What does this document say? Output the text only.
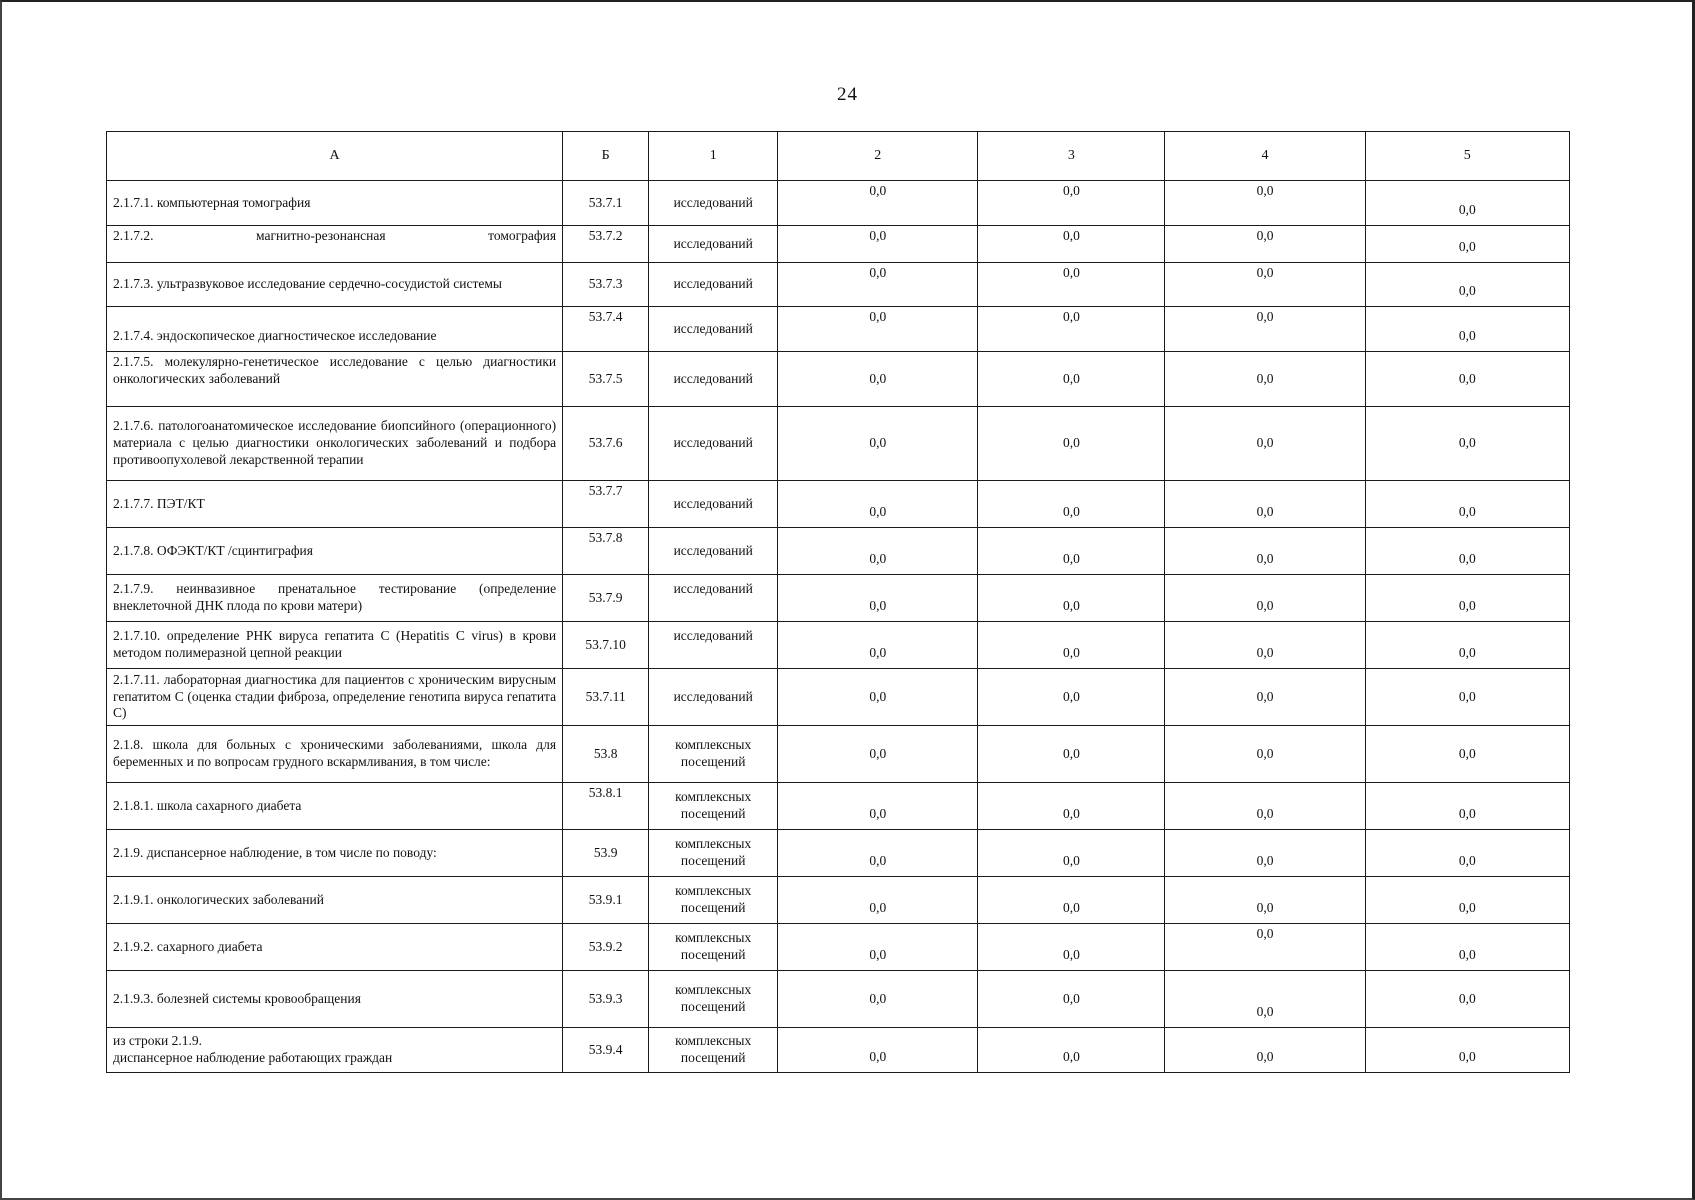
24
А	Б	1	2	3	4	5
2.1.7.1. компьютерная томография	53.7.1	исследований	0,0	0,0	0,0	0,0

2.1.7.2. магнитно-резонансная томография	53.7.2	исследований	0,0	0,0	0,0	0,0
2.1.7.3. ультразвуковое исследование сердечно-сосудистой системы	53.7.3	исследований	0,0	0,0	0,0	0,0
2.1.7.4. эндоскопическое диагностическое исследование	53.7.4	исследований	0,0	0,0	0,0	0,0
2.1.7.5. молекулярно-генетическое исследование с целью диагностики онкологических заболеваний	53.7.5	исследований	0,0	0,0	0,0	0,0
2.1.7.6. патологоанатомическое исследование биопсийного (операционного) материала с целью диагностики онкологических заболеваний и подбора противоопухолевой лекарственной терапии	53.7.6	исследований	0,0	0,0	0,0	0,0
2.1.7.7. ПЭТ/КТ	53.7.7	исследований	0,0	0,0	0,0	0,0
2.1.7.8. ОФЭКТ/КТ /сцинтиграфия	53.7.8	исследований	0,0	0,0	0,0	0,0
2.1.7.9. неинвазивное пренатальное тестирование (определение внеклеточной ДНК плода по крови матери)	53.7.9	исследований	0,0	0,0	0,0	0,0
2.1.7.10. определение РНК вируса гепатита С (Hepatitis C virus) в крови методом полимеразной цепной реакции	53.7.10	исследований	0,0	0,0	0,0	0,0
2.1.7.11. лабораторная диагностика для пациентов с хроническим вирусным гепатитом С (оценка стадии фиброза, определение генотипа вируса гепатита С)	53.7.11	исследований	0,0	0,0	0,0	0,0
2.1.8. школа для больных с хроническими заболеваниями, школа для беременных и по вопросам грудного вскармливания, в том числе:	53.8	комплексных посещений	0,0	0,0	0,0	0,0
2.1.8.1. школа сахарного диабета	53.8.1	комплексных посещений	0,0	0,0	0,0	0,0
2.1.9. диспансерное наблюдение, в том числе по поводу:	53.9	комплексных посещений	0,0	0,0	0,0	0,0
2.1.9.1. онкологических заболеваний	53.9.1	комплексных посещений	0,0	0,0	0,0	0,0
2.1.9.2. сахарного диабета	53.9.2	комплексных посещений	0,0	0,0	0,0	0,0
2.1.9.3. болезней системы кровообращения	53.9.3	комплексных посещений	0,0	0,0	0,0	0,0

из строки 2.1.9.
диспансерное наблюдение работающих граждан	53.9.4	комплексных посещений	0,0	0,0	0,0	0,0
